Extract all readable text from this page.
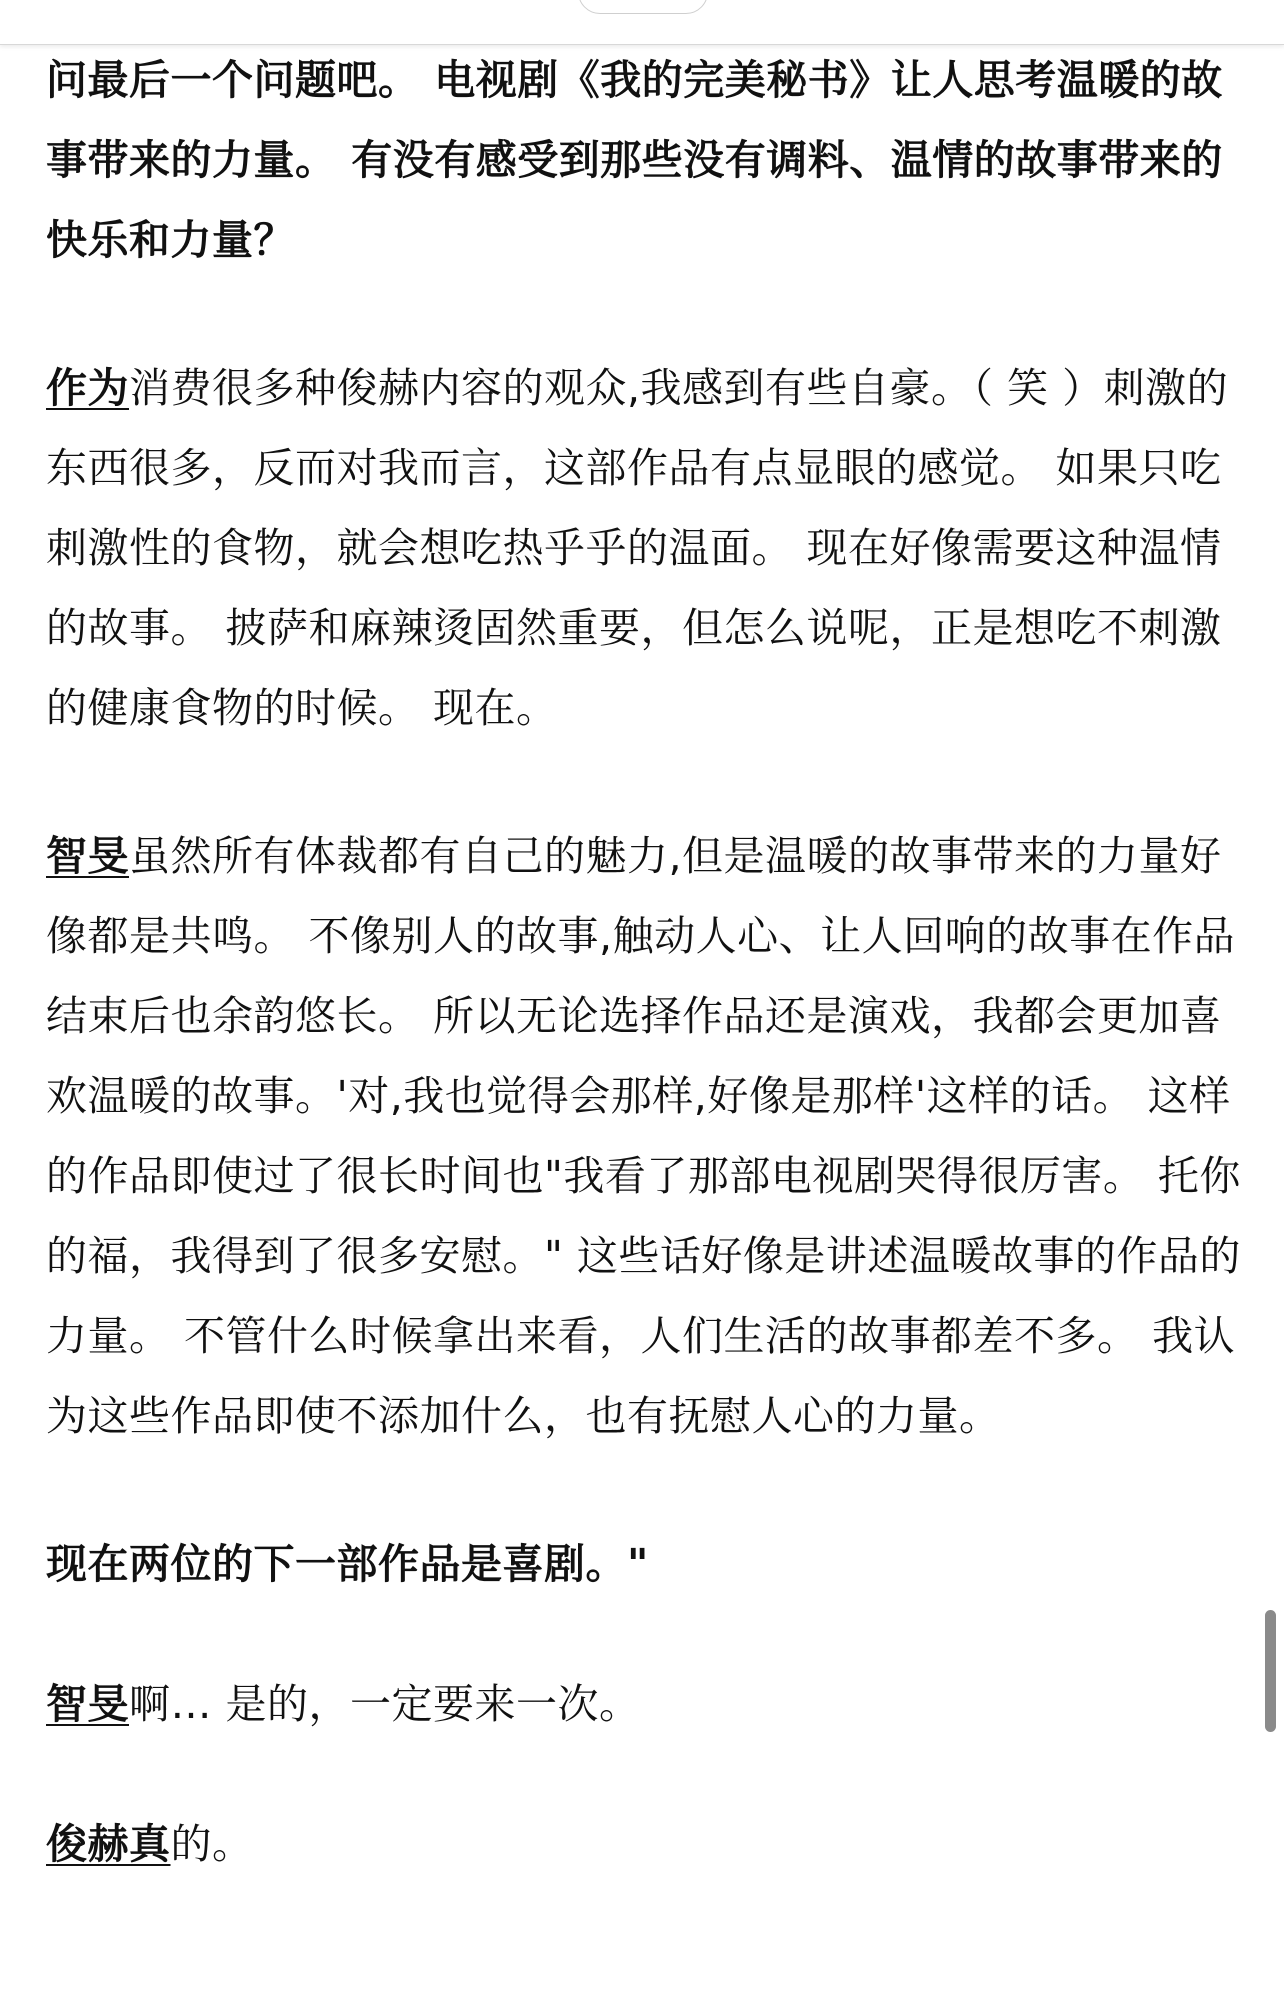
问最后一个问题吧。 电视剧《我的完美秘书》让人思考温暖的故事带来的力量。 有没有感受到那些没有调料、温情的故事带来的快乐和力量？

作为消费很多种俊赫内容的观众,我感到有些自豪。（ 笑 ）刺激的东西很多，反而对我而言，这部作品有点显眼的感觉。 如果只吃刺激性的食物，就会想吃热乎乎的温面。 现在好像需要这种温情的故事。 披萨和麻辣烫固然重要，但怎么说呢，正是想吃不刺激的健康食物的时候。 现在。

智旻虽然所有体裁都有自己的魅力,但是温暖的故事带来的力量好像都是共鸣。 不像别人的故事,触动人心、让人回响的故事在作品结束后也余韵悠长。 所以无论选择作品还是演戏，我都会更加喜欢温暖的故事。'对,我也觉得会那样,好像是那样'这样的话。 这样的作品即使过了很长时间也"我看了那部电视剧哭得很厉害。 托你的福，我得到了很多安慰。" 这些话好像是讲述温暖故事的作品的力量。 不管什么时候拿出来看，人们生活的故事都差不多。 我认为这些作品即使不添加什么，也有抚慰人心的力量。

现在两位的下一部作品是喜剧。"

智旻啊… 是的，一定要来一次。

俊赫真的。
